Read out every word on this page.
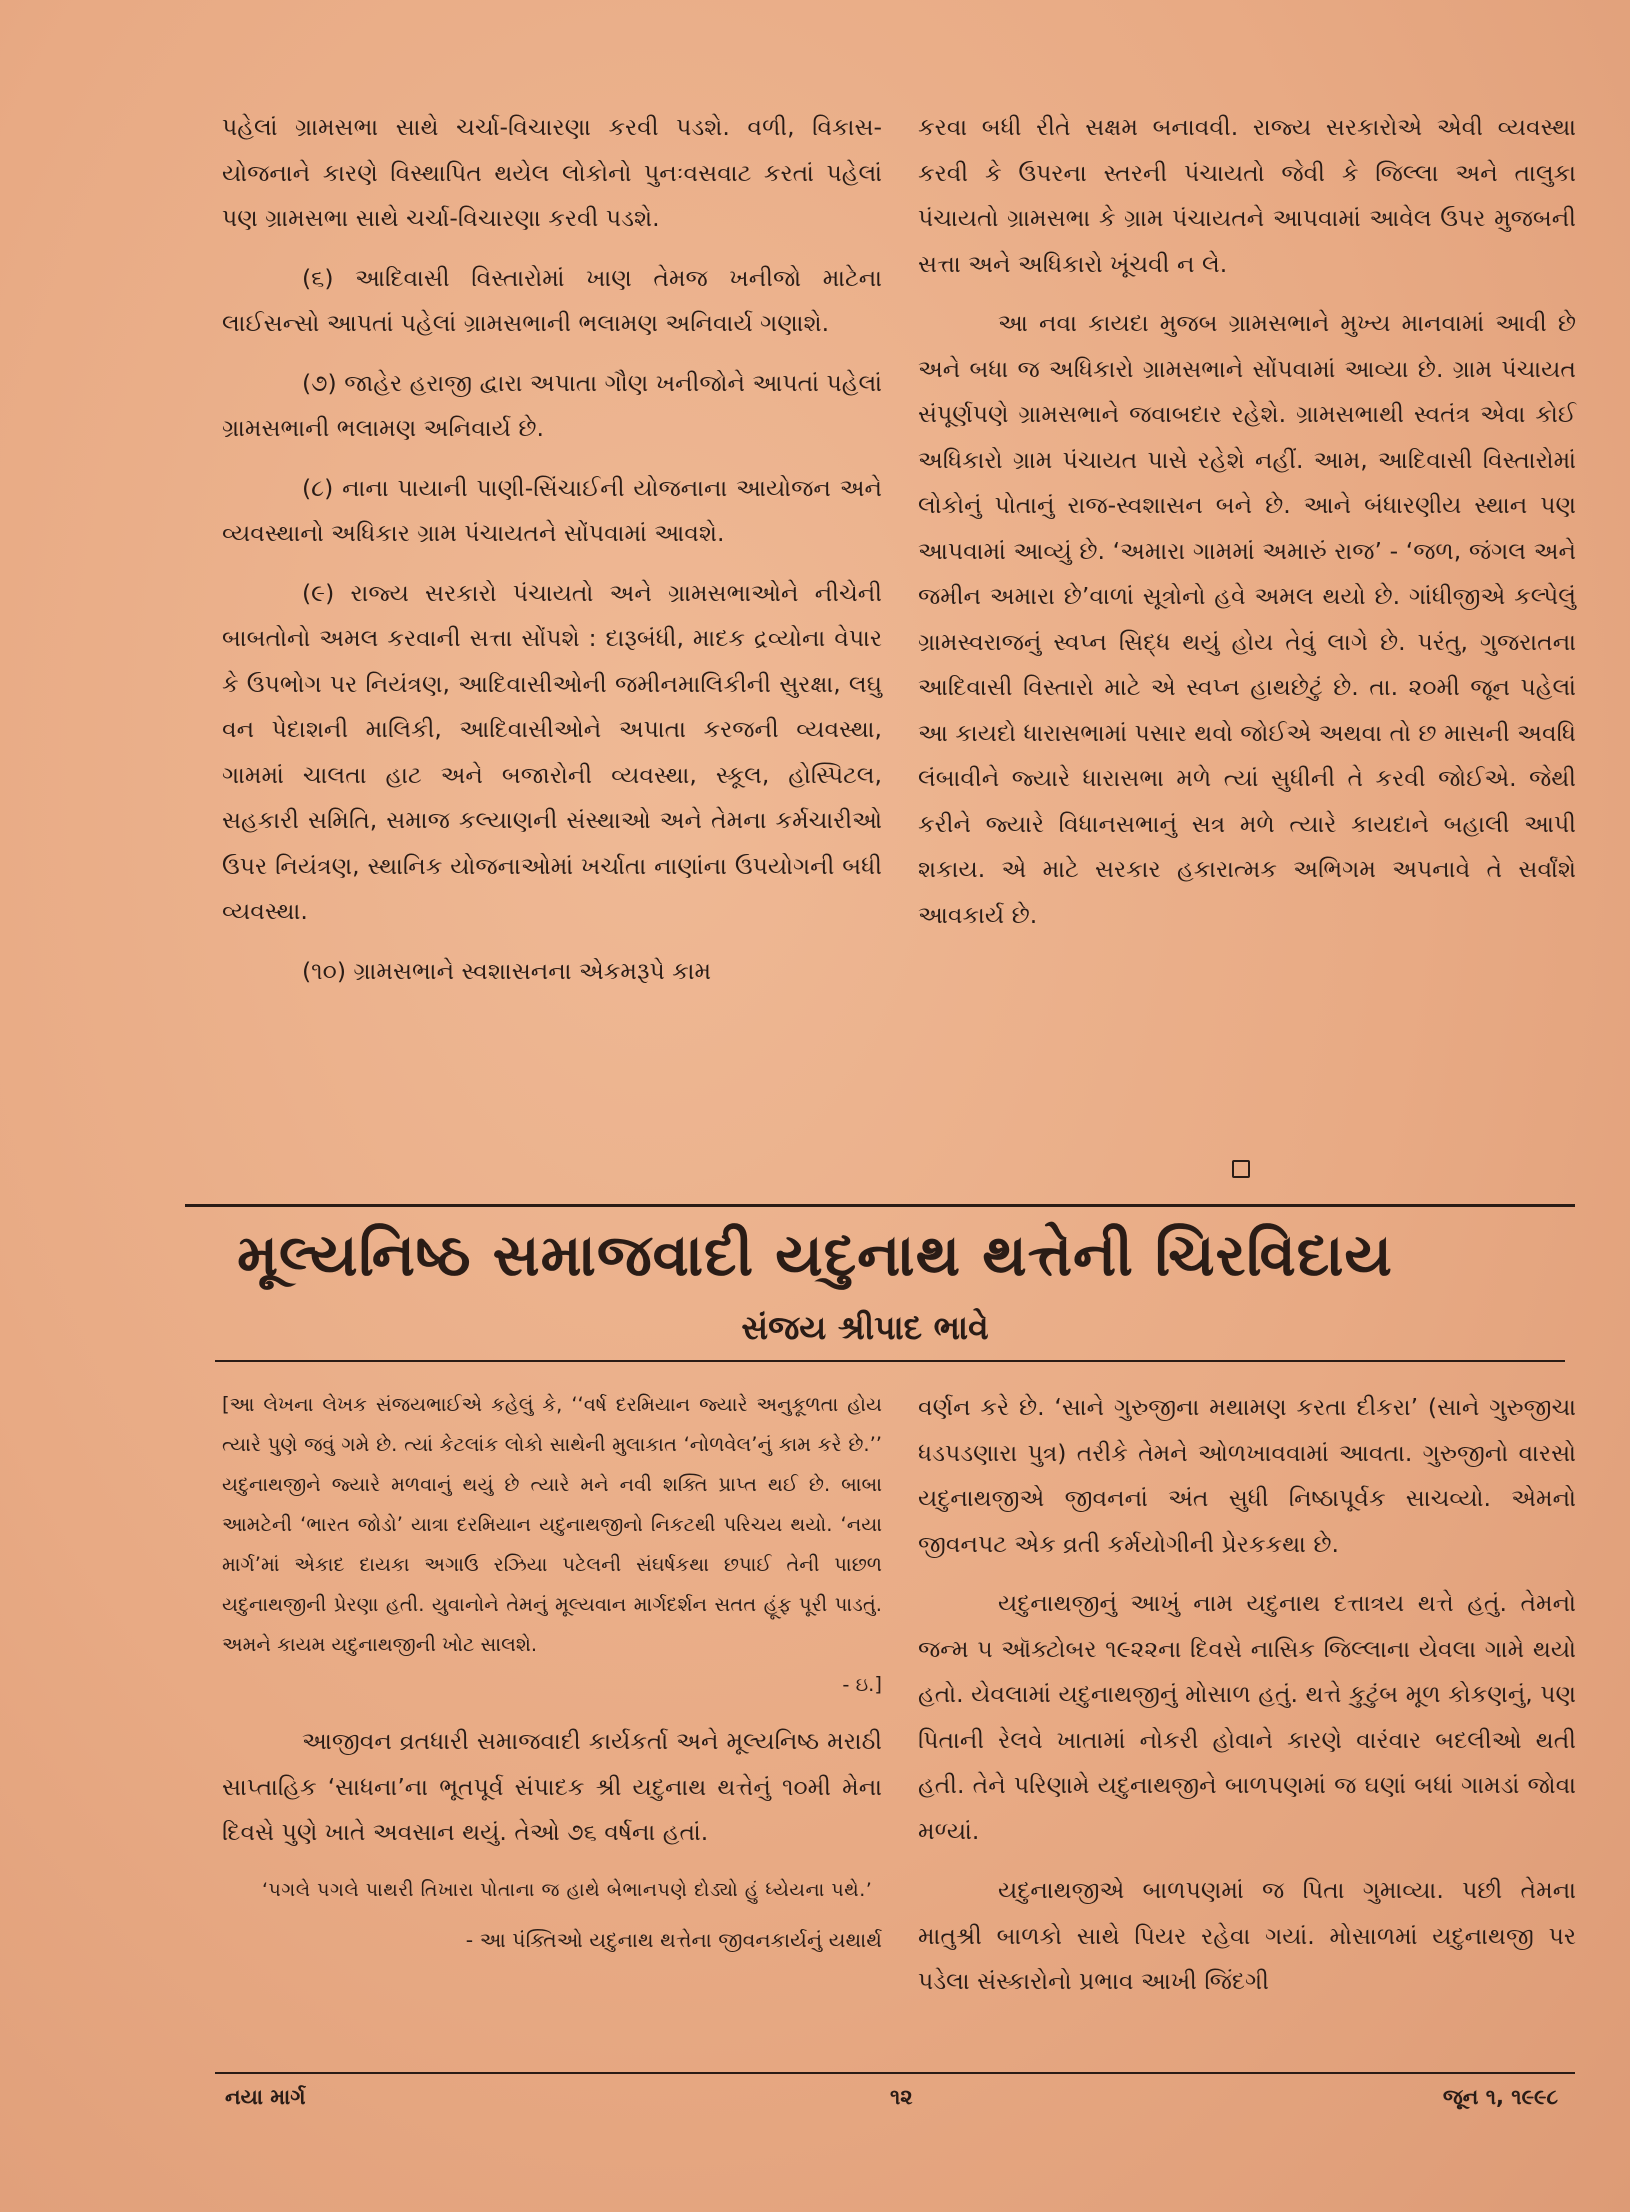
પહેલાં ગ્રામસભા સાથે ચર્ચા-વિચારણા કરવી પડશે. વળી, વિકાસ-યોજનાને કારણે વિસ્થાપિત થયેલ લોકોનો પુનઃવસવાટ કરતાં પહેલાં પણ ગ્રામસભા સાથે ચર્ચા-વિચારણા કરવી પડશે.

(૬) આદિવાસી વિસ્તારોમાં ખાણ તેમજ ખનીજો માટેના લાઈસન્સો આપતાં પહેલાં ગ્રામસભાની ભલામણ અનિવાર્ય ગણાશે.

(૭) જાહેર હરાજી દ્વારા અપાતા ગૌણ ખનીજોને આપતાં પહેલાં ગ્રામસભાની ભલામણ અનિવાર્ય છે.

(૮) નાના પાયાની પાણી-સિંચાઈની યોજનાના આયોજન અને વ્યવસ્થાનો અધિકાર ગ્રામ પંચાયતને સોંપવામાં આવશે.

(૯) રાજ્ય સરકારો પંચાયતો અને ગ્રામસભાઓને નીચેની બાબતોનો અમલ કરવાની સત્તા સોંપશે : દારૂબંધી, માદક દ્રવ્યોના વેપાર કે ઉપભોગ પર નિયંત્રણ, આદિવાસીઓની જમીનમાલિકીની સુરક્ષા, લઘુ વન પેદાશની માલિકી, આદિવાસીઓને અપાતા કરજની વ્યવસ્થા, ગામમાં ચાલતા હાટ અને બજારોની વ્યવસ્થા, સ્કૂલ, હોસ્પિટલ, સહકારી સમિતિ, સમાજ કલ્યાણની સંસ્થાઓ અને તેમના કર્મચારીઓ ઉપર નિયંત્રણ, સ્થાનિક યોજનાઓમાં ખર્ચાતા નાણાંના ઉપયોગની બધી વ્યવસ્થા.

(૧૦) ગ્રામસભાને સ્વશાસનના એકમરૂપે કામ

કરવા બધી રીતે સક્ષમ બનાવવી. રાજ્ય સરકારોએ એવી વ્યવસ્થા કરવી કે ઉપરના સ્તરની પંચાયતો જેવી કે જિલ્લા અને તાલુકા પંચાયતો ગ્રામસભા કે ગ્રામ પંચાયતને આપવામાં આવેલ ઉપર મુજબની સત્તા અને અધિકારો ખૂંચવી ન લે.

આ નવા કાયદા મુજબ ગ્રામસભાને મુખ્ય માનવામાં આવી છે અને બધા જ અધિકારો ગ્રામસભાને સોંપવામાં આવ્યા છે. ગ્રામ પંચાયત સંપૂર્ણપણે ગ્રામસભાને જવાબદાર રહેશે. ગ્રામસભાથી સ્વતંત્ર એવા કોઈ અધિકારો ગ્રામ પંચાયત પાસે રહેશે નહીં. આમ, આદિવાસી વિસ્તારોમાં લોકોનું પોતાનું રાજ-સ્વશાસન બને છે. આને બંધારણીય સ્થાન પણ આપવામાં આવ્યું છે. ‘અમારા ગામમાં અમારું રાજ’ - ‘જળ, જંગલ અને જમીન અમારા છે’વાળાં સૂત્રોનો હવે અમલ થયો છે. ગાંધીજીએ કલ્પેલું ગ્રામસ્વરાજનું સ્વપ્ન સિદ્ધ થયું હોય તેવું લાગે છે. પરંતુ, ગુજરાતના આદિવાસી વિસ્તારો માટે એ સ્વપ્ન હાથછેટું છે. તા. ૨૦મી જૂન પહેલાં આ કાયદો ધારાસભામાં પસાર થવો જોઈએ અથવા તો છ માસની અવધિ લંબાવીને જ્યારે ધારાસભા મળે ત્યાં સુધીની તે કરવી જોઈએ. જેથી કરીને જ્યારે વિધાનસભાનું સત્ર મળે ત્યારે કાયદાને બહાલી આપી શકાય. એ માટે સરકાર હકારાત્મક અભિગમ અપનાવે તે સર્વાંશે આવકાર્ય છે.

મૂલ્યનિષ્ઠ સમાજવાદી યદુનાથ થત્તેની ચિરવિદાય

સંજય શ્રીપાદ ભાવે

[આ લેખના લેખક સંજયભાઈએ કહેલું કે, ‘‘વર્ષ દરમિયાન જ્યારે અનુકૂળતા હોય ત્યારે પુણે જવું ગમે છે. ત્યાં કેટલાંક લોકો સાથેની મુલાકાત ‘નોળવેલ’નું કામ કરે છે.’’ યદુનાથજીને જ્યારે મળવાનું થયું છે ત્યારે મને નવી શક્તિ પ્રાપ્ત થઈ છે. બાબા આમટેની ‘ભારત જોડો’ યાત્રા દરમિયાન યદુનાથજીનો નિકટથી પરિચય થયો. ‘નયા માર્ગ’માં એકાદ દાયકા અગાઉ રઝિયા પટેલની સંઘર્ષકથા છપાઈ તેની પાછળ યદુનાથજીની પ્રેરણા હતી. યુવાનોને તેમનું મૂલ્યવાન માર્ગદર્શન સતત હૂંફ પૂરી પાડતું. અમને કાયમ યદુનાથજીની ખોટ સાલશે.

- ઇ.]

આજીવન વ્રતધારી સમાજવાદી કાર્યકર્તા અને મૂલ્યનિષ્ઠ મરાઠી સાપ્તાહિક ‘સાધના’ના ભૂતપૂર્વ સંપાદક શ્રી યદુનાથ થત્તેનું ૧૦મી મેના દિવસે પુણે ખાતે અવસાન થયું. તેઓ ૭૬ વર્ષના હતાં.

‘પગલે પગલે પાથરી તિખારા પોતાના જ હાથે બેભાનપણે દોડ્યો હું ધ્યેયના પથે.’

- આ પંક્તિઓ યદુનાથ થત્તેના જીવનકાર્યનું યથાર્થ

વર્ણન કરે છે. ‘સાને ગુરુજીના મથામણ કરતા દીકરા’ (સાને ગુરુજીચા ધડપડણારા પુત્ર) તરીકે તેમને ઓળખાવવામાં આવતા. ગુરુજીનો વારસો યદુનાથજીએ જીવનનાં અંત સુધી નિષ્ઠાપૂર્વક સાચવ્યો. એમનો જીવનપટ એક વ્રતી કર્મયોગીની પ્રેરકકથા છે.

યદુનાથજીનું આખું નામ યદુનાથ દત્તાત્રય થત્તે હતું. તેમનો જન્મ ૫ ઑક્ટોબર ૧૯૨૨ના દિવસે નાસિક જિલ્લાના યેવલા ગામે થયો હતો. યેવલામાં યદુનાથજીનું મોસાળ હતું. થત્તે કુટુંબ મૂળ કોકણનું, પણ પિતાની રેલવે ખાતામાં નોકરી હોવાને કારણે વારંવાર બદલીઓ થતી હતી. તેને પરિણામે યદુનાથજીને બાળપણમાં જ ઘણાં બધાં ગામડાં જોવા મળ્યાં.

યદુનાથજીએ બાળપણમાં જ પિતા ગુમાવ્યા. પછી તેમના માતુશ્રી બાળકો સાથે પિયર રહેવા ગયાં. મોસાળમાં યદુનાથજી પર પડેલા સંસ્કારોનો પ્રભાવ આખી જિંદગી

નયા માર્ગ	૧૨	જૂન ૧, ૧૯૯૮
